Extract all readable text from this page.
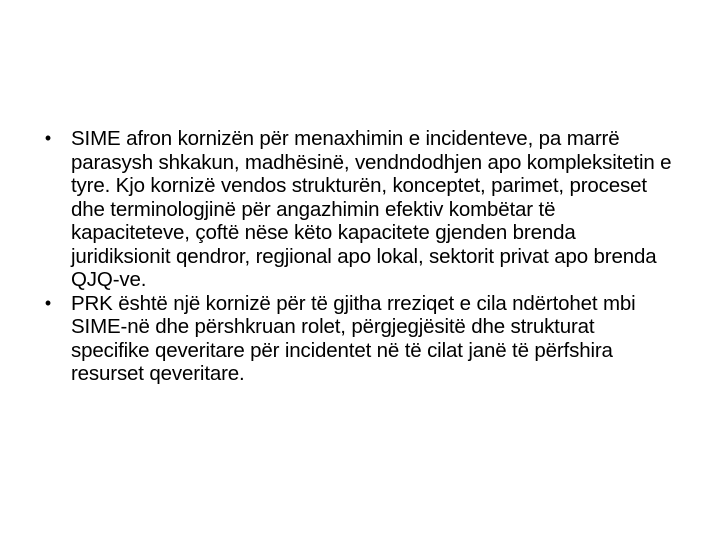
• SIME afron kornizën për menaxhimin e incidenteve, pa marrë parasysh shkakun, madhësinë, vendndodhjen apo kompleksitetin e tyre. Kjo kornizë vendos strukturën, konceptet, parimet, proceset dhe terminologjinë për angazhimin efektiv kombëtar të kapaciteteve, çoftë nëse këto kapacitete gjenden brenda juridiksionit qendror, regjional apo lokal, sektorit privat apo brenda QJQ-ve.
• PRK është një kornizë për të gjitha rreziqet e cila ndërtohet mbi SIME-në dhe përshkruan rolet, përgjegjësitë dhe strukturat specifike qeveritare për incidentet në të cilat janë të përfshira resurset qeveritare.
